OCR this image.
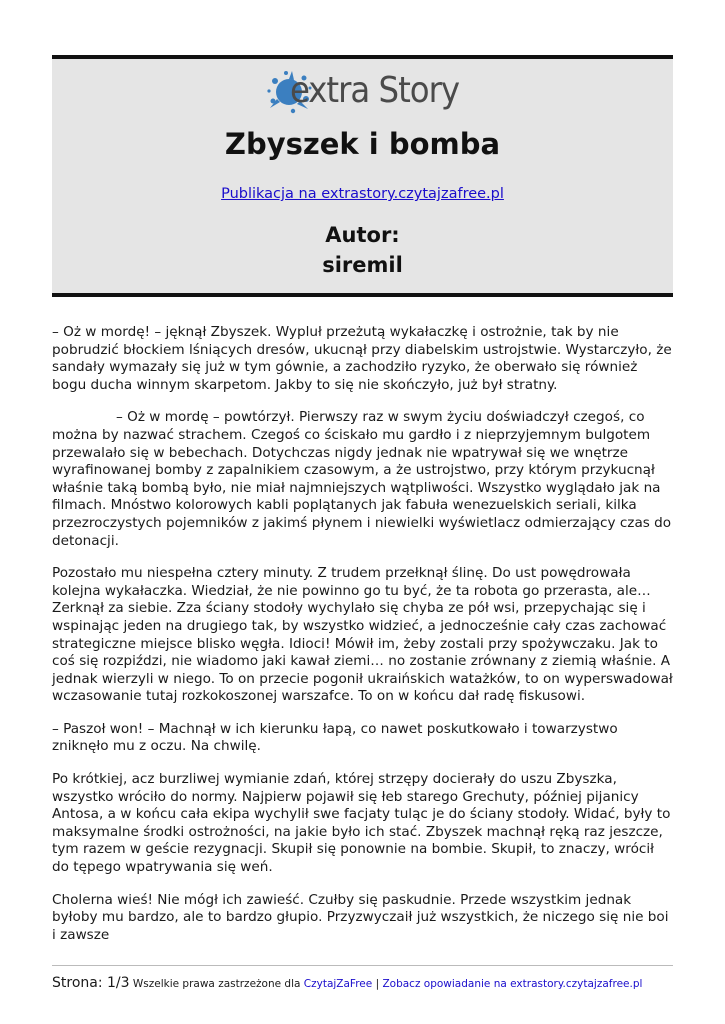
extra Story
Zbyszek i bomba
Publikacja na extrastory.czytajzafree.pl
Autor:
siremil

– Oż w mordę! – jęknął Zbyszek. Wypluł przeżutą wykałaczkę i ostrożnie, tak by nie pobrudzić błockiem lśniących dresów, ukucnął przy diabelskim ustrojstwie. Wystarczyło, że sandały wymazały się już w tym gównie, a zachodziło ryzyko, że oberwało się również bogu ducha winnym skarpetom. Jakby to się nie skończyło, już był stratny.

– Oż w mordę – powtórzył. Pierwszy raz w swym życiu doświadczył czegoś, co można by nazwać strachem. Czegoś co ściskało mu gardło i z nieprzyjemnym bulgotem przewalało się w bebechach. Dotychczas nigdy jednak nie wpatrywał się we wnętrze wyrafinowanej bomby z zapalnikiem czasowym, a że ustrojstwo, przy którym przykucnął właśnie taką bombą było, nie miał najmniejszych wątpliwości. Wszystko wyglądało jak na filmach. Mnóstwo kolorowych kabli poplątanych jak fabuła wenezuelskich seriali, kilka przezroczystych pojemników z jakimś płynem i niewielki wyświetlacz odmierzający czas do detonacji.

Pozostało mu niespełna cztery minuty. Z trudem przełknął ślinę. Do ust powędrowała kolejna wykałaczka. Wiedział, że nie powinno go tu być, że ta robota go przerasta, ale… Zerknął za siebie. Zza ściany stodoły wychylało się chyba ze pół wsi, przepychając się i wspinając jeden na drugiego tak, by wszystko widzieć, a jednocześnie cały czas zachować strategiczne miejsce blisko węgła. Idioci! Mówił im, żeby zostali przy spożywczaku. Jak to coś się rozpiździ, nie wiadomo jaki kawał ziemi… no zostanie zrównany z ziemią właśnie. A jednak wierzyli w niego. To on przecie pogonił ukraińskich watażków, to on wyperswadował wczasowanie tutaj rozkokoszonej warszafce. To on w końcu dał radę fiskusowi.

– Paszoł won! – Machnął w ich kierunku łapą, co nawet poskutkowało i towarzystwo zniknęło mu z oczu. Na chwilę.

Po krótkiej, acz burzliwej wymianie zdań, której strzępy docierały do uszu Zbyszka, wszystko wróciło do normy. Najpierw pojawił się łeb starego Grechuty, później pijanicy Antosa, a w końcu cała ekipa wychylił swe facjaty tuląc je do ściany stodoły. Widać, były to maksymalne środki ostrożności, na jakie było ich stać. Zbyszek machnął ręką raz jeszcze, tym razem w geście rezygnacji. Skupił się ponownie na bombie. Skupił, to znaczy, wrócił do tępego wpatrywania się weń.

Cholerna wieś! Nie mógł ich zawieść. Czułby się paskudnie. Przede wszystkim jednak byłoby mu bardzo, ale to bardzo głupio. Przyzwyczaił już wszystkich, że niczego się nie boi i zawsze

Strona: 1/3 Wszelkie prawa zastrzeżone dla CzytajZaFree | Zobacz opowiadanie na extrastory.czytajzafree.pl
